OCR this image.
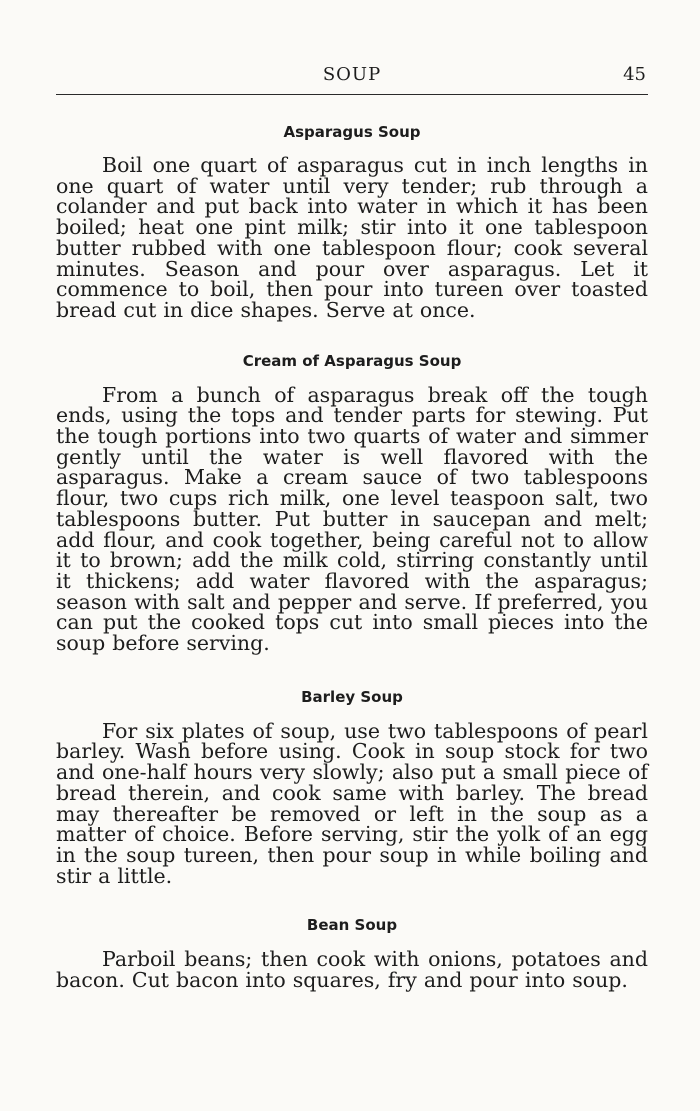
SOUP	45
Asparagus Soup

Boil one quart of asparagus cut in inch lengths in one quart of water until very tender; rub through a colander and put back into water in which it has been boiled; heat one pint milk; stir into it one tablespoon butter rubbed with one tablespoon flour; cook several minutes. Season and pour over asparagus. Let it commence to boil, then pour into tureen over toasted bread cut in dice shapes. Serve at once.

Cream of Asparagus Soup

From a bunch of asparagus break off the tough ends, using the tops and tender parts for stewing. Put the tough portions into two quarts of water and simmer gently until the water is well flavored with the asparagus. Make a cream sauce of two tablespoons flour, two cups rich milk, one level teaspoon salt, two tablespoons butter. Put butter in saucepan and melt; add flour, and cook together, being careful not to allow it to brown; add the milk cold, stirring constantly until it thickens; add water flavored with the asparagus; season with salt and pepper and serve. If preferred, you can put the cooked tops cut into small pieces into the soup before serving.

Barley Soup

For six plates of soup, use two tablespoons of pearl barley. Wash before using. Cook in soup stock for two and one-half hours very slowly; also put a small piece of bread therein, and cook same with barley. The bread may thereafter be removed or left in the soup as a matter of choice. Before serving, stir the yolk of an egg in the soup tureen, then pour soup in while boiling and stir a little.

Bean Soup

Parboil beans; then cook with onions, potatoes and bacon. Cut bacon into squares, fry and pour into soup.
